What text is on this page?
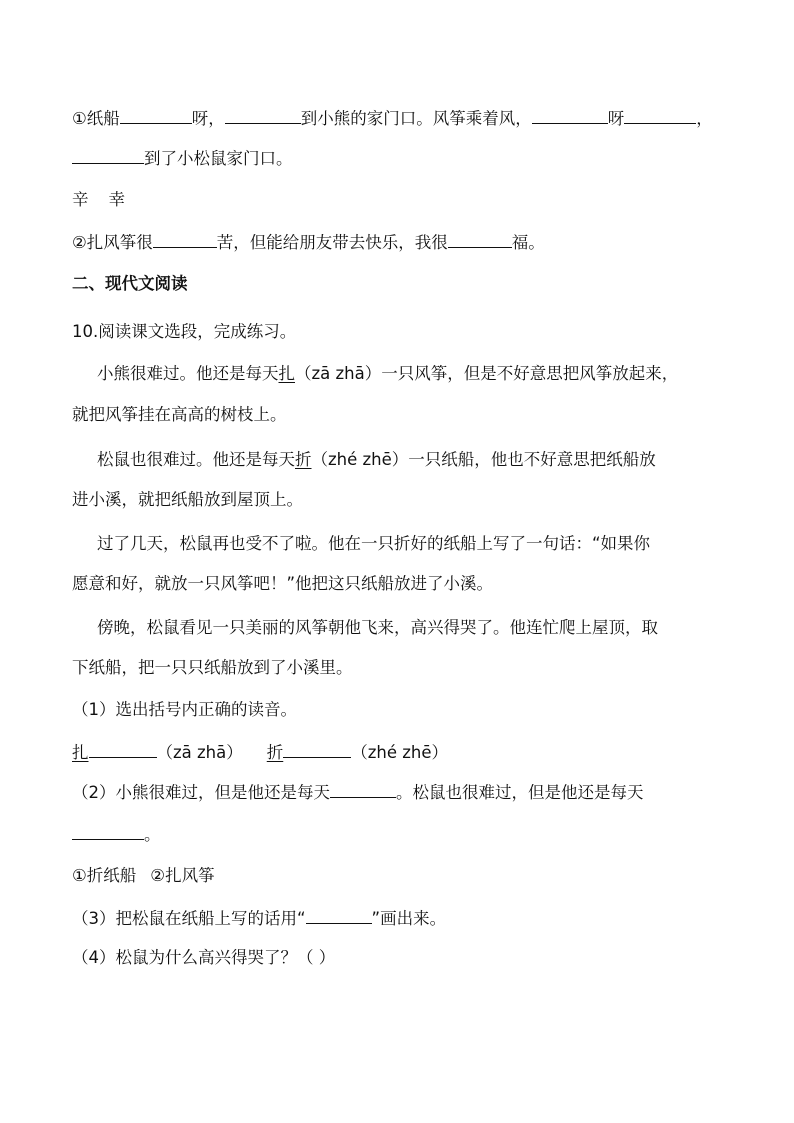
①纸船	呀，	到小熊的家门口。风筝乘着风，	呀	，
到了小松鼠家门口。
辛 幸
②扎风筝很	苦，但能给朋友带去快乐，我很	福。
二、现代文阅读
10.阅读课文选段，完成练习。
小熊很难过。他还是每天扎（zā zhā）一只风筝，但是不好意思把风筝放起来，
就把风筝挂在高高的树枝上。
松鼠也很难过。他还是每天折（zhé zhē）一只纸船，他也不好意思把纸船放
进小溪，就把纸船放到屋顶上。
过了几天，松鼠再也受不了啦。他在一只折好的纸船上写了一句话：“如果你
愿意和好，就放一只风筝吧！”他把这只纸船放进了小溪。
傍晚，松鼠看见一只美丽的风筝朝他飞来，高兴得哭了。他连忙爬上屋顶，取
下纸船，把一只只纸船放到了小溪里。
（1）选出括号内正确的读音。
扎	（zā zhā） 折	（zhé zhē）
（2）小熊很难过，但是他还是每天	。松鼠也很难过，但是他还是每天
。
①折纸船 ②扎风筝
（3）把松鼠在纸船上写的话用“	”画出来。
（4）松鼠为什么高兴得哭了？（ ）
